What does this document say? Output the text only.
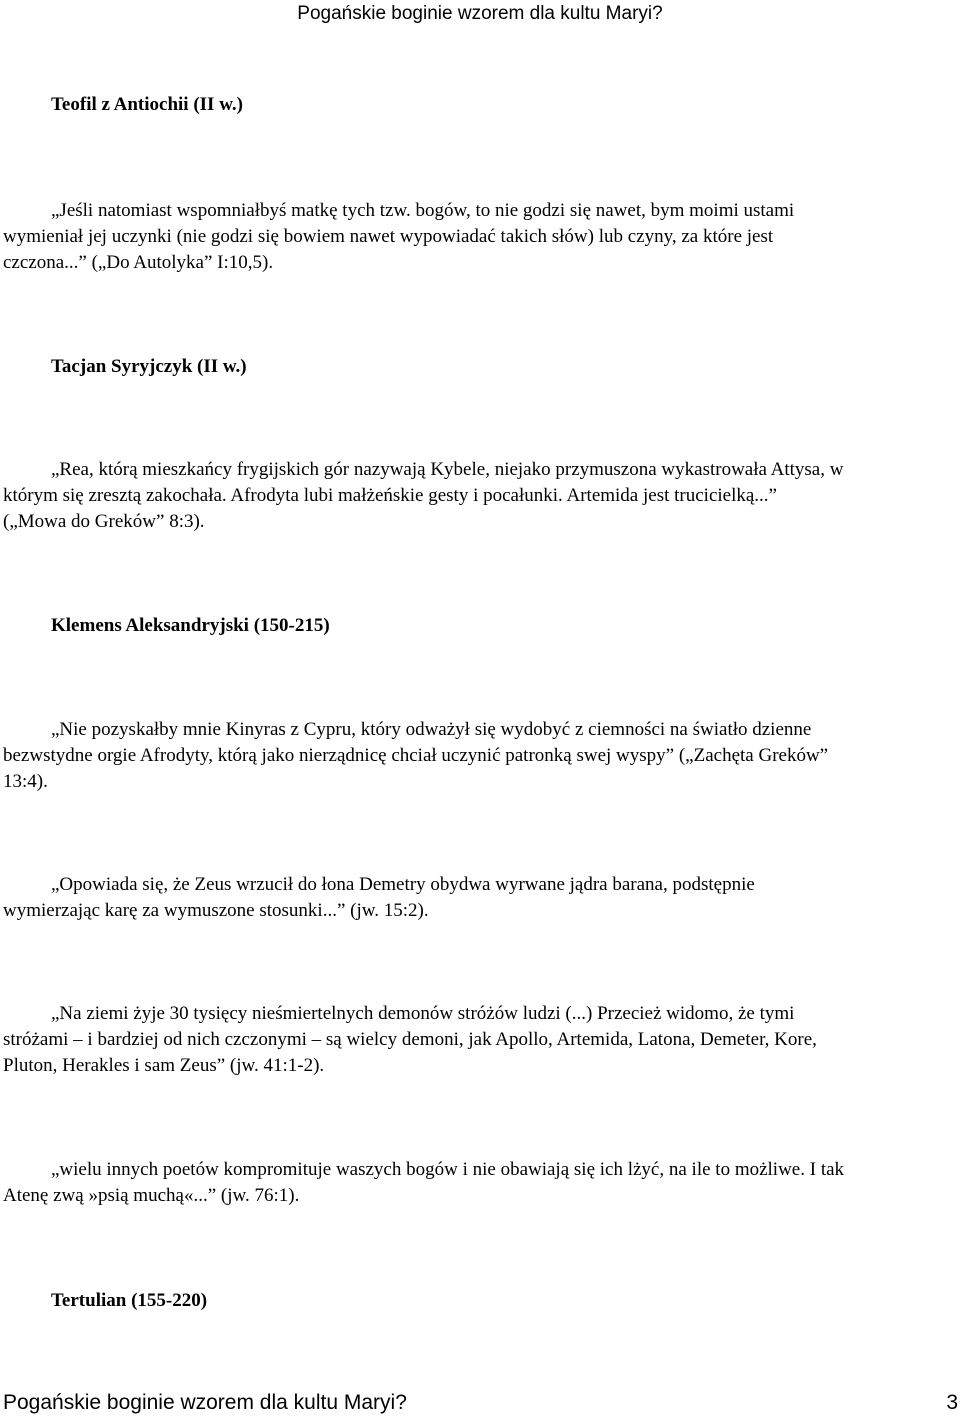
Pogańskie boginie wzorem dla kultu Maryi?
Teofil z Antiochii (II w.)
„Jeśli natomiast wspomniałbyś matkę tych tzw. bogów, to nie godzi się nawet, bym moimi ustami
wymieniał jej uczynki (nie godzi się bowiem nawet wypowiadać takich słów) lub czyny, za które jest
czczona...” („Do Autolyka” I:10,5).
Tacjan Syryjczyk (II w.)
„Rea, którą mieszkańcy frygijskich gór nazywają Kybele, niejako przymuszona wykastrowała Attysa, w
którym się zresztą zakochała. Afrodyta lubi małżeńskie gesty i pocałunki. Artemida jest trucicielką...”
(„Mowa do Greków” 8:3).
Klemens Aleksandryjski (150-215)
„Nie pozyskałby mnie Kinyras z Cypru, który odważył się wydobyć z ciemności na światło dzienne
bezwstydne orgie Afrodyty, którą jako nierządnicę chciał uczynić patronką swej wyspy” („Zachęta Greków”
13:4).
„Opowiada się, że Zeus wrzucił do łona Demetry obydwa wyrwane jądra barana, podstępnie
wymierzając karę za wymuszone stosunki...” (jw. 15:2).
„Na ziemi żyje 30 tysięcy nieśmiertelnych demonów stróżów ludzi (...) Przecież widomo, że tymi
stróżami – i bardziej od nich czczonymi – są wielcy demoni, jak Apollo, Artemida, Latona, Demeter, Kore,
Pluton, Herakles i sam Zeus” (jw. 41:1-2).
„wielu innych poetów kompromituje waszych bogów i nie obawiają się ich lżyć, na ile to możliwe. I tak
Atenę zwą »psią muchą«...” (jw. 76:1).
Tertulian (155-220)
Pogańskie boginie wzorem dla kultu Maryi?	3
